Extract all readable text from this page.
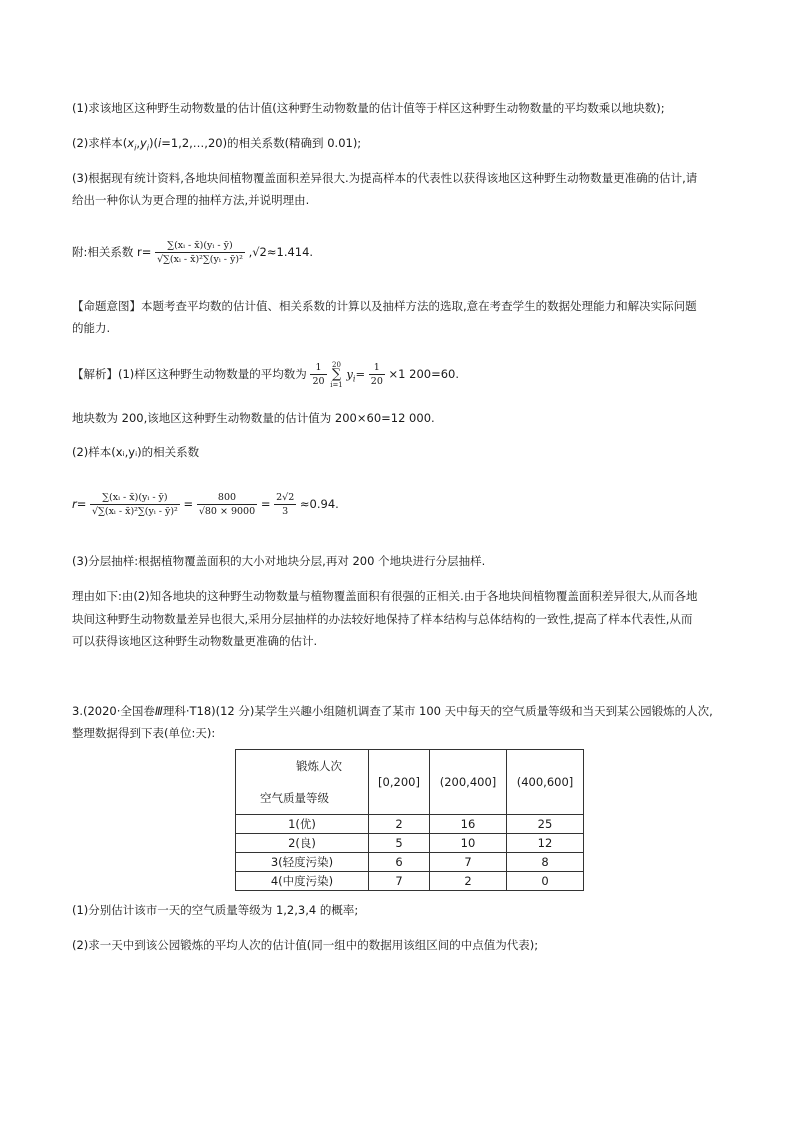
(1)求该地区这种野生动物数量的估计值(这种野生动物数量的估计值等于样区这种野生动物数量的平均数乘以地块数);
(2)求样本$(x_i,y_i)(i=1,2,\dots,20)$的相关系数(精确到 0.01);
(3)根据现有统计资料,各地块间植物覆盖面积差异很大.为提高样本的代表性以获得该地区这种野生动物数量更准确的估计,请
给出一种你认为更合理的抽样方法,并说明理由.
附:相关系数 $r= \frac{\text{∑(xᵢ - x̄)(yᵢ - ȳ)}}{\text{√∑(xᵢ - x̄)²∑(yᵢ - ȳ)²}} ,√2\approx 1.414$.
【命题意图】本题考查平均数的估计值、相关系数的计算以及抽样方法的选取,意在考查学生的数据处理能力和解决实际问题
的能力.
【解析】(1)样区这种野生动物数量的平均数为 $\frac{1}{20}$
20
∑
i=1
$y_i= \frac{1}{20} \times 1$ 200=60.
地块数为 200,该地区这种野生动物数量的估计值为 200×60=12 000.
(2)样本(xᵢ,yᵢ)的相关系数
$r= \frac{\text{∑(xᵢ - x̄)(yᵢ - ȳ)}}{\text{√∑(xᵢ - x̄)²∑(yᵢ - ȳ)²}} = \frac{800}{√80 \times 9000} = \frac{2√2}{3} \approx 0.94$.
(3)分层抽样:根据植物覆盖面积的大小对地块分层,再对 200 个地块进行分层抽样.
理由如下:由(2)知各地块的这种野生动物数量与植物覆盖面积有很强的正相关.由于各地块间植物覆盖面积差异很大,从而各地
块间这种野生动物数量差异也很大,采用分层抽样的办法较好地保持了样本结构与总体结构的一致性,提高了样本代表性,从而
可以获得该地区这种野生动物数量更准确的估计.
3.(2020·全国卷Ⅲ理科·T18)(12 分)某学生兴趣小组随机调查了某市 100 天中每天的空气质量等级和当天到某公园锻炼的人次,
整理数据得到下表(单位:天):
锻炼人次
空气质量等级	[0,200]	(200,400]	(400,600]
1(优)	2	16	25
2(良)	5	10	12
3(轻度污染)	6	7	8
4(中度污染)	7	2	0
(1)分别估计该市一天的空气质量等级为 1,2,3,4 的概率;
(2)求一天中到该公园锻炼的平均人次的估计值(同一组中的数据用该组区间的中点值为代表);
